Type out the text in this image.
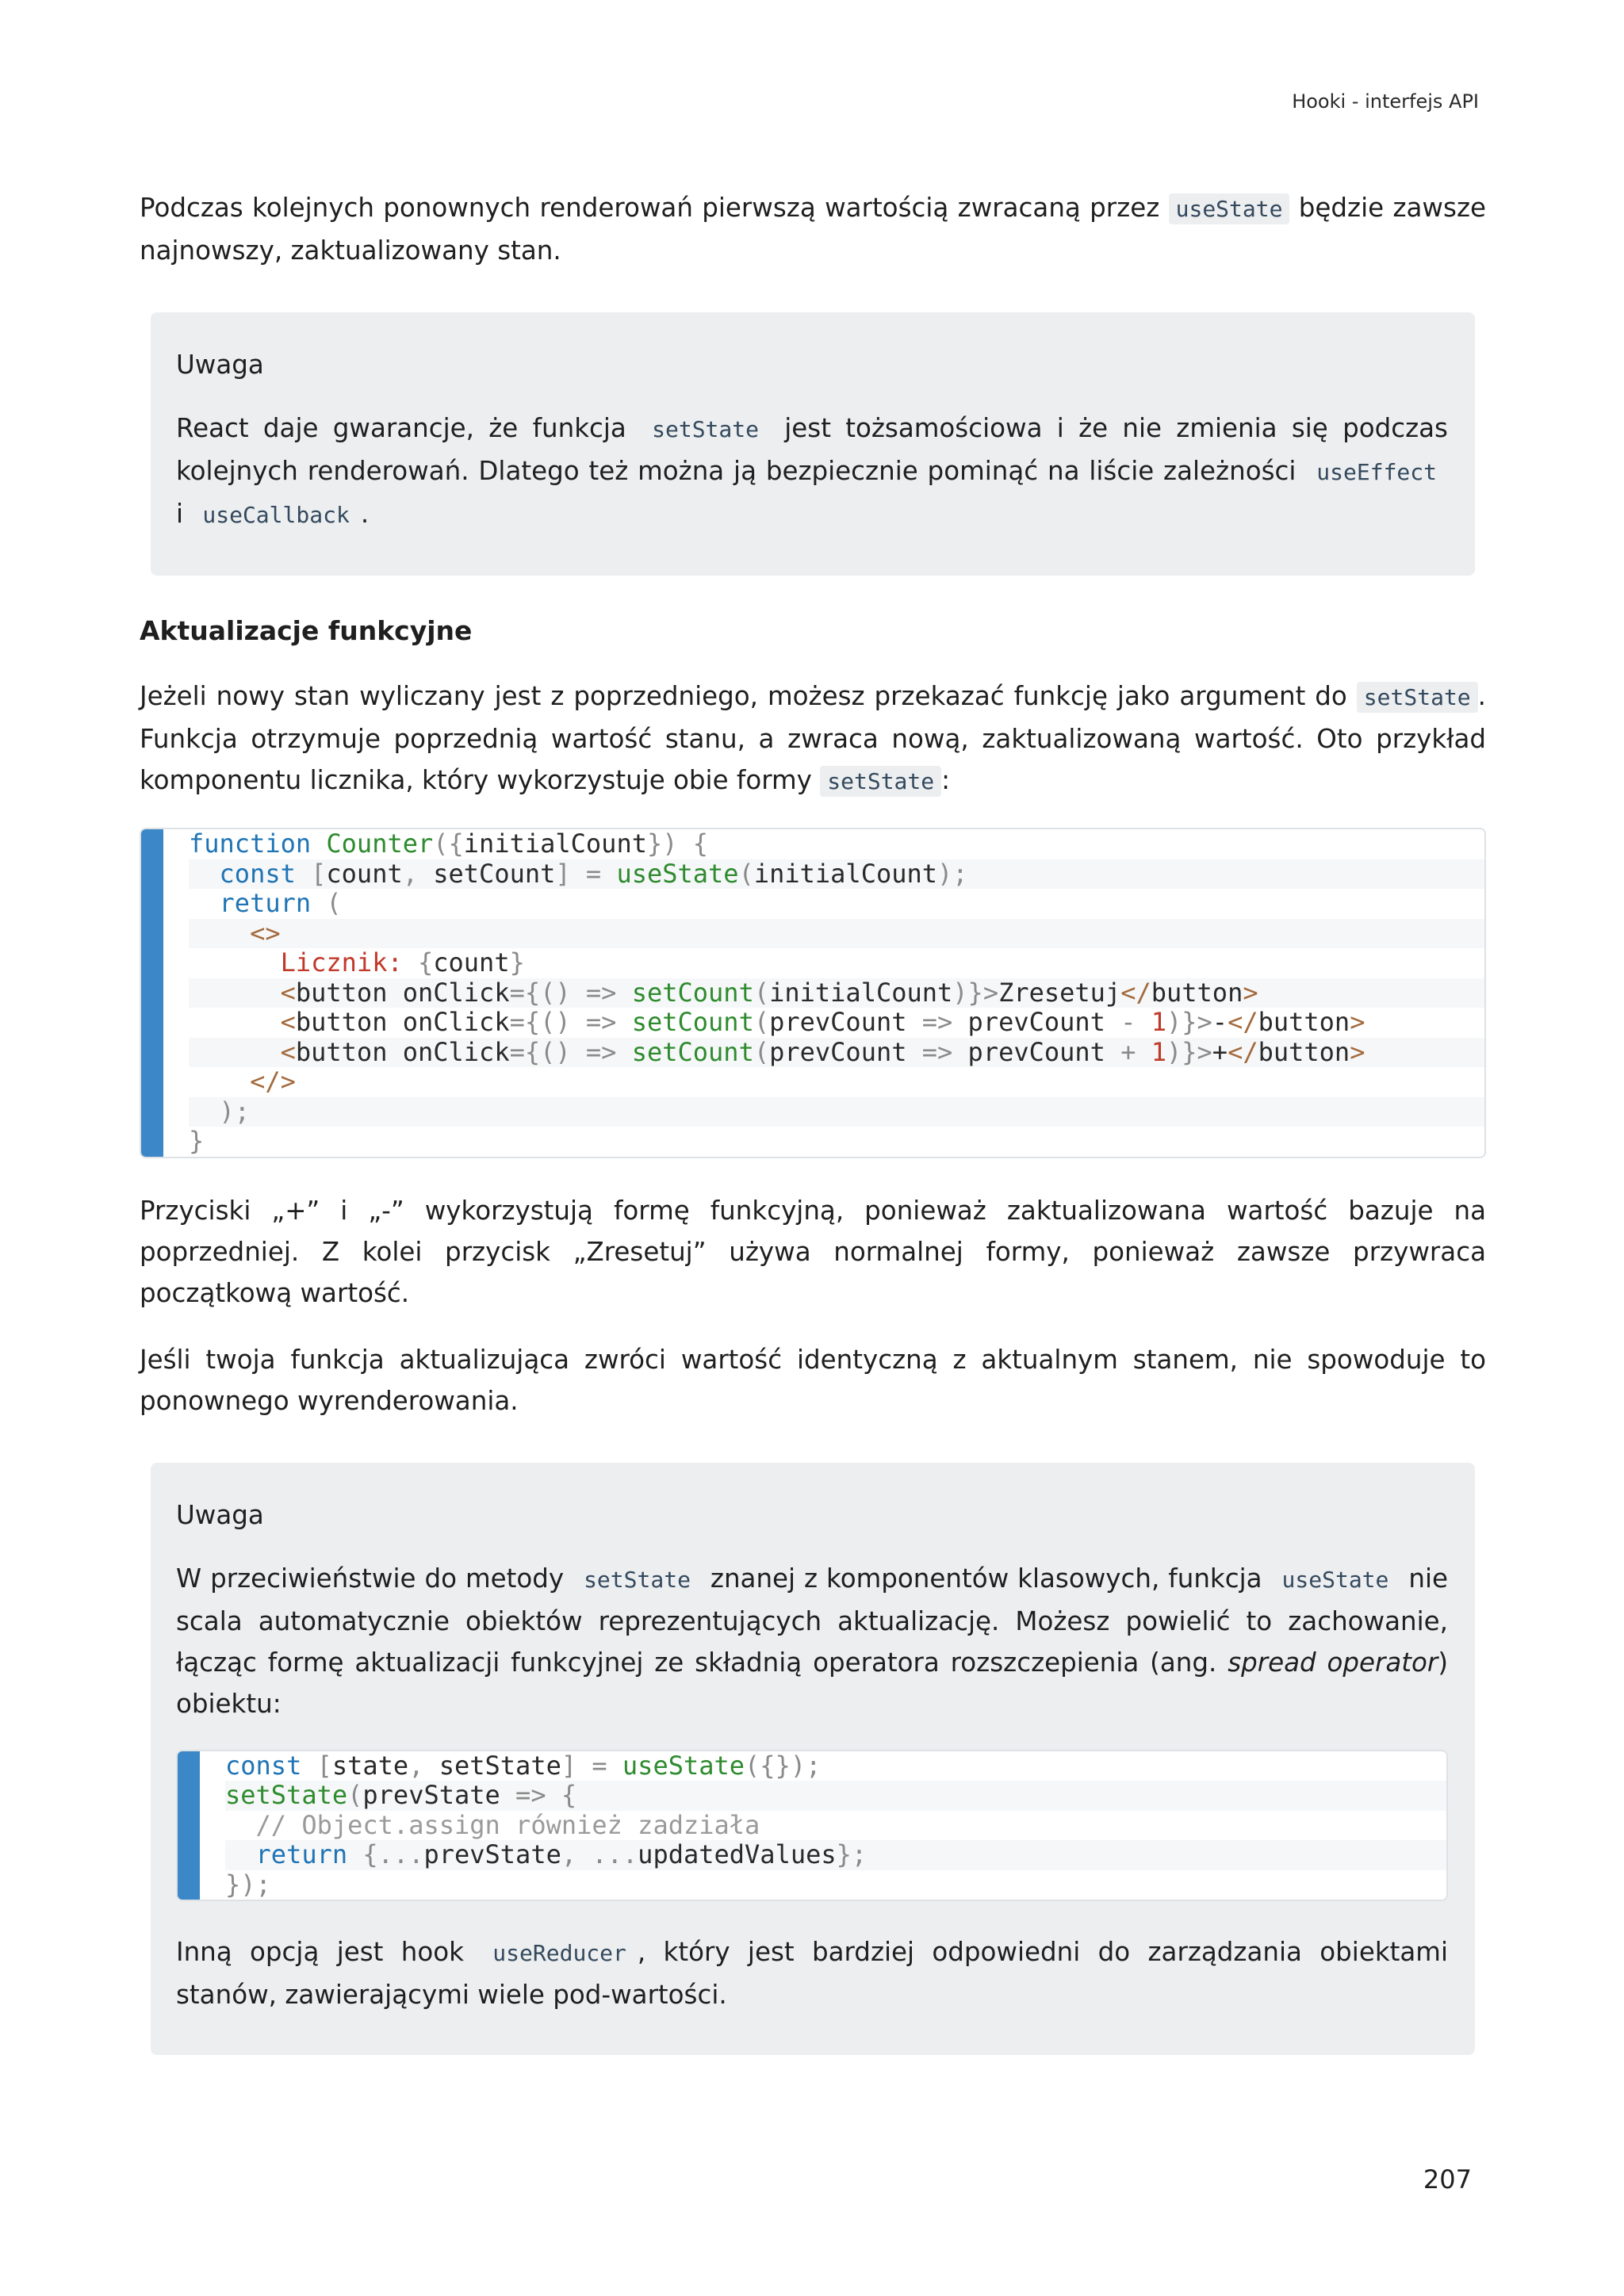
Hooki - interfejs API

Podczas kolejnych ponownych renderowań pierwszą wartością zwracaną przez useState będzie zawsze najnowszy, zaktualizowany stan.

Uwaga

React daje gwarancje, że funkcja setState jest tożsamościowa i że nie zmienia się podczas kolejnych renderowań. Dlatego też można ją bezpiecznie pominąć na liście zależności useEffect i useCallback .

Aktualizacje funkcyjne

Jeżeli nowy stan wyliczany jest z poprzedniego, możesz przekazać funkcję jako argument do setState . Funkcja otrzymuje poprzednią wartość stanu, a zwraca nową, zaktualizowaną wartość. Oto przykład komponentu licznika, który wykorzystuje obie formy setState :

function Counter({initialCount}) {
const [count, setCount] = useState(initialCount);
return (
<>
Licznik: {count}
<button onClick={() => setCount(initialCount)}>Zresetuj</button>
<button onClick={() => setCount(prevCount => prevCount - 1)}>-</button>
<button onClick={() => setCount(prevCount => prevCount + 1)}>+</button>
</>
);
}

Przyciski „+” i „-” wykorzystują formę funkcyjną, ponieważ zaktualizowana wartość bazuje na poprzedniej. Z kolei przycisk „Zresetuj” używa normalnej formy, ponieważ zawsze przywraca początkową wartość.

Jeśli twoja funkcja aktualizująca zwróci wartość identyczną z aktualnym stanem, nie spowoduje to ponownego wyrenderowania.

Uwaga

W przeciwieństwie do metody setState znanej z komponentów klasowych, funkcja useState nie scala automatycznie obiektów reprezentujących aktualizację. Możesz powielić to zachowanie, łącząc formę aktualizacji funkcyjnej ze składnią operatora rozszczepienia (ang. spread operator) obiektu:

const [state, setState] = useState({});
setState(prevState => {
// Object.assign również zadziała
return {...prevState, ...updatedValues};
});

Inną opcją jest hook useReducer , który jest bardziej odpowiedni do zarządzania obiektami stanów, zawierającymi wiele pod-wartości.

207
